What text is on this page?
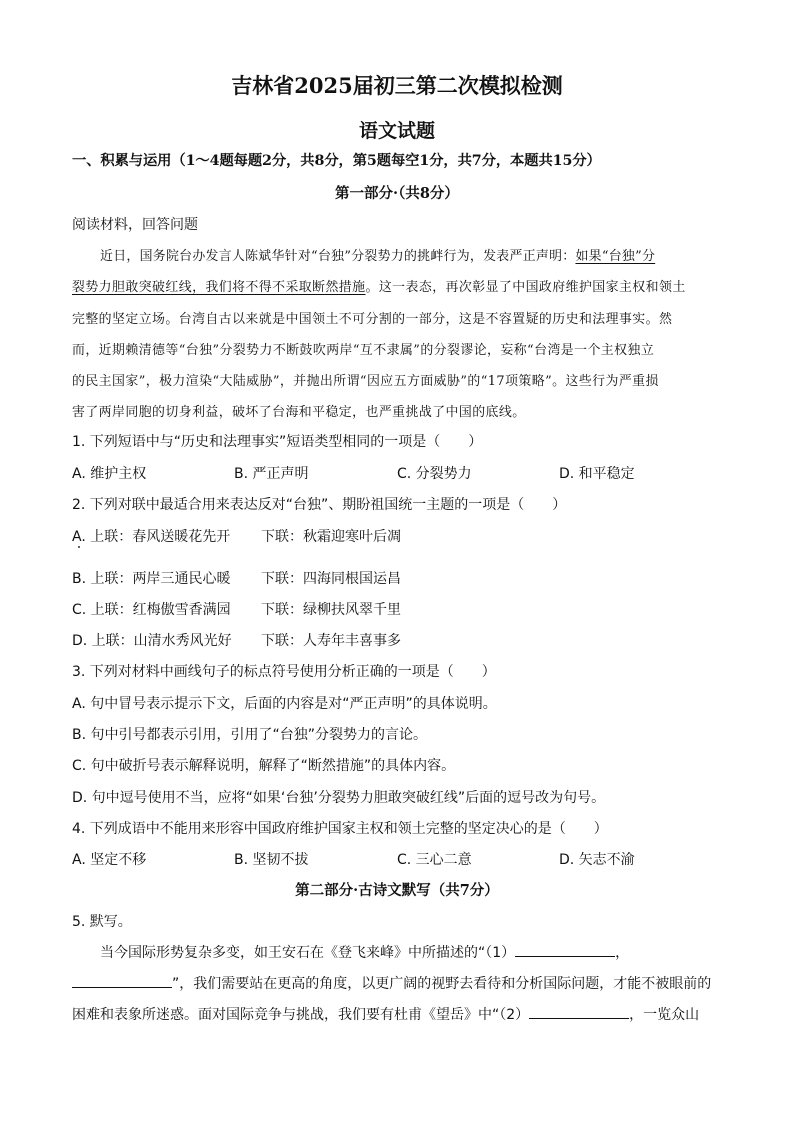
吉林省2025届初三第二次模拟检测
语文试题
一、积累与运用（1～4题每题2分，共8分，第5题每空1分，共7分，本题共15分）
第一部分·（共8分）
阅读材料，回答问题
近日，国务院台办发言人陈斌华针对“台独”分裂势力的挑衅行为，发表严正声明：如果“台独”分
裂势力胆敢突破红线，我们将不得不采取断然措施。这一表态，再次彰显了中国政府维护国家主权和领土
完整的坚定立场。台湾自古以来就是中国领土不可分割的一部分，这是不容置疑的历史和法理事实。然
而，近期赖清德等“台独”分裂势力不断鼓吹两岸“互不隶属”的分裂谬论，妄称“台湾是一个主权独立
的民主国家”，极力渲染“大陆威胁”，并抛出所谓“因应五方面威胁”的“17项策略”。这些行为严重损
害了两岸同胞的切身利益，破坏了台海和平稳定，也严重挑战了中国的底线。
1. 下列短语中与“历史和法理事实”短语类型相同的一项是（　　）
A. 维护主权	B. 严正声明	C. 分裂势力	D. 和平稳定
2. 下列对联中最适合用来表达反对“台独”、期盼祖国统一主题的一项是（　　）
A. 上联：春风送暖花先开 下联：秋霜迎寒叶后凋
B. 上联：两岸三通民心暖 下联：四海同根国运昌
C. 上联：红梅傲雪香满园 下联：绿柳扶风翠千里
D. 上联：山清水秀风光好 下联：人寿年丰喜事多
3. 下列对材料中画线句子的标点符号使用分析正确的一项是（　　）
A. 句中冒号表示提示下文，后面的内容是对“严正声明”的具体说明。
B. 句中引号都表示引用，引用了“台独”分裂势力的言论。
C. 句中破折号表示解释说明，解释了“断然措施”的具体内容。
D. 句中逗号使用不当，应将“如果‘台独’分裂势力胆敢突破红线”后面的逗号改为句号。
4. 下列成语中不能用来形容中国政府维护国家主权和领土完整的坚定决心的是（　　）
A. 坚定不移	B. 坚韧不拔	C. 三心二意	D. 矢志不渝
第二部分·古诗文默写（共7分）
5. 默写。
当今国际形势复杂多变，如王安石在《登飞来峰》中所描述的“（1）	，
”，我们需要站在更高的角度，以更广阔的视野去看待和分析国际问题，才能不被眼前的
困难和表象所迷惑。面对国际竞争与挑战，我们要有杜甫《望岳》中“（2）	，一览众山
